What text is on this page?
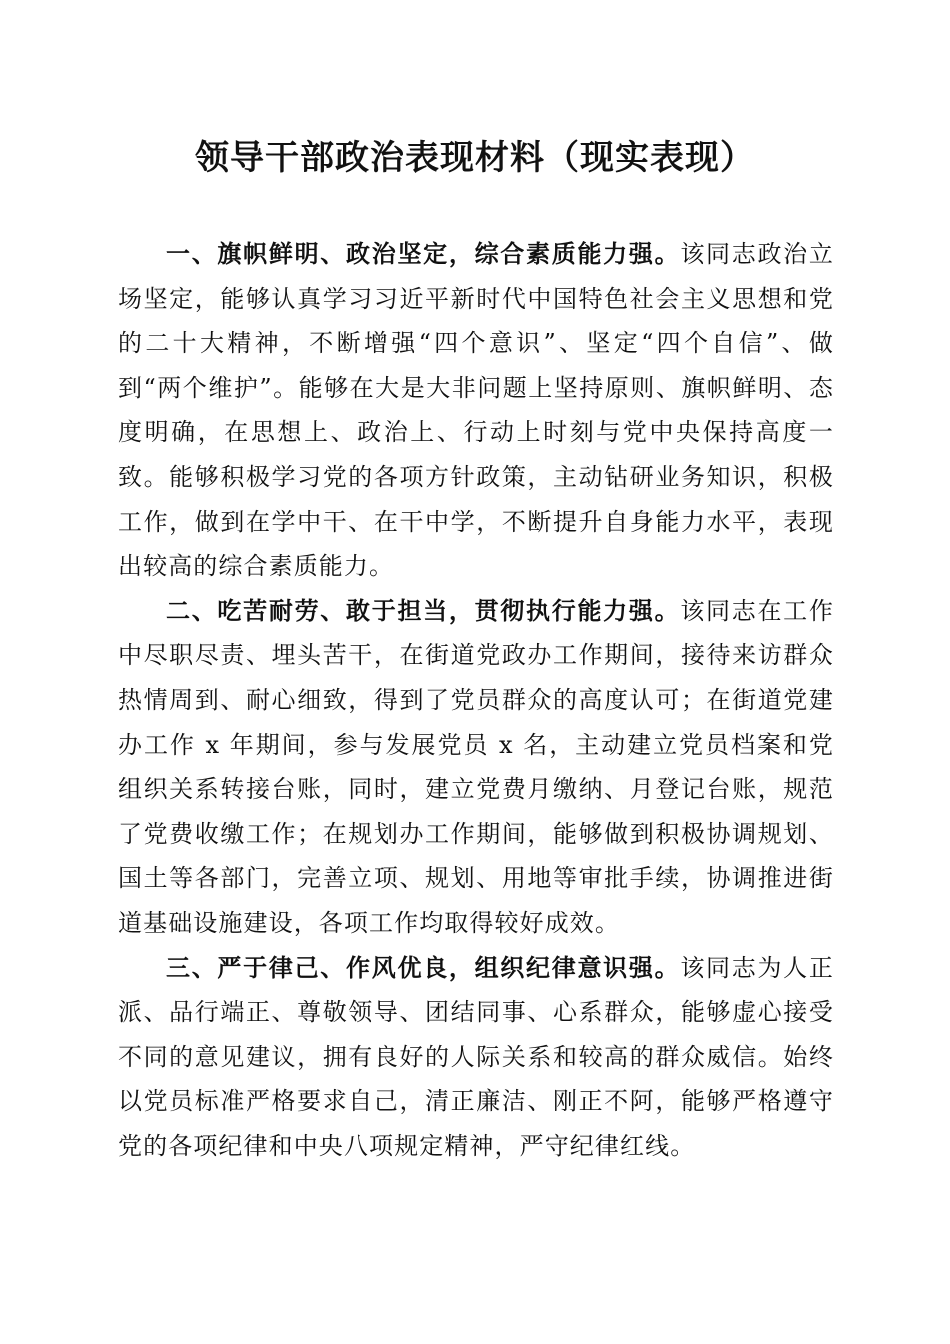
领导干部政治表现材料（现实表现）

一、旗帜鲜明、政治坚定，综合素质能力强。该同志政治立场坚定，能够认真学习习近平新时代中国特色社会主义思想和党的二十大精神，不断增强“四个意识”、坚定“四个自信”、做到“两个维护”。能够在大是大非问题上坚持原则、旗帜鲜明、态度明确，在思想上、政治上、行动上时刻与党中央保持高度一致。能够积极学习党的各项方针政策，主动钻研业务知识，积极工作，做到在学中干、在干中学，不断提升自身能力水平，表现出较高的综合素质能力。

二、吃苦耐劳、敢于担当，贯彻执行能力强。该同志在工作中尽职尽责、埋头苦干，在街道党政办工作期间，接待来访群众热情周到、耐心细致，得到了党员群众的高度认可；在街道党建办工作 x 年期间，参与发展党员 x 名，主动建立党员档案和党组织关系转接台账，同时，建立党费月缴纳、月登记台账，规范了党费收缴工作；在规划办工作期间，能够做到积极协调规划、国土等各部门，完善立项、规划、用地等审批手续，协调推进街道基础设施建设，各项工作均取得较好成效。

三、严于律己、作风优良，组织纪律意识强。该同志为人正派、品行端正、尊敬领导、团结同事、心系群众，能够虚心接受不同的意见建议，拥有良好的人际关系和较高的群众威信。始终以党员标准严格要求自己，清正廉洁、刚正不阿，能够严格遵守党的各项纪律和中央八项规定精神，严守纪律红线。
